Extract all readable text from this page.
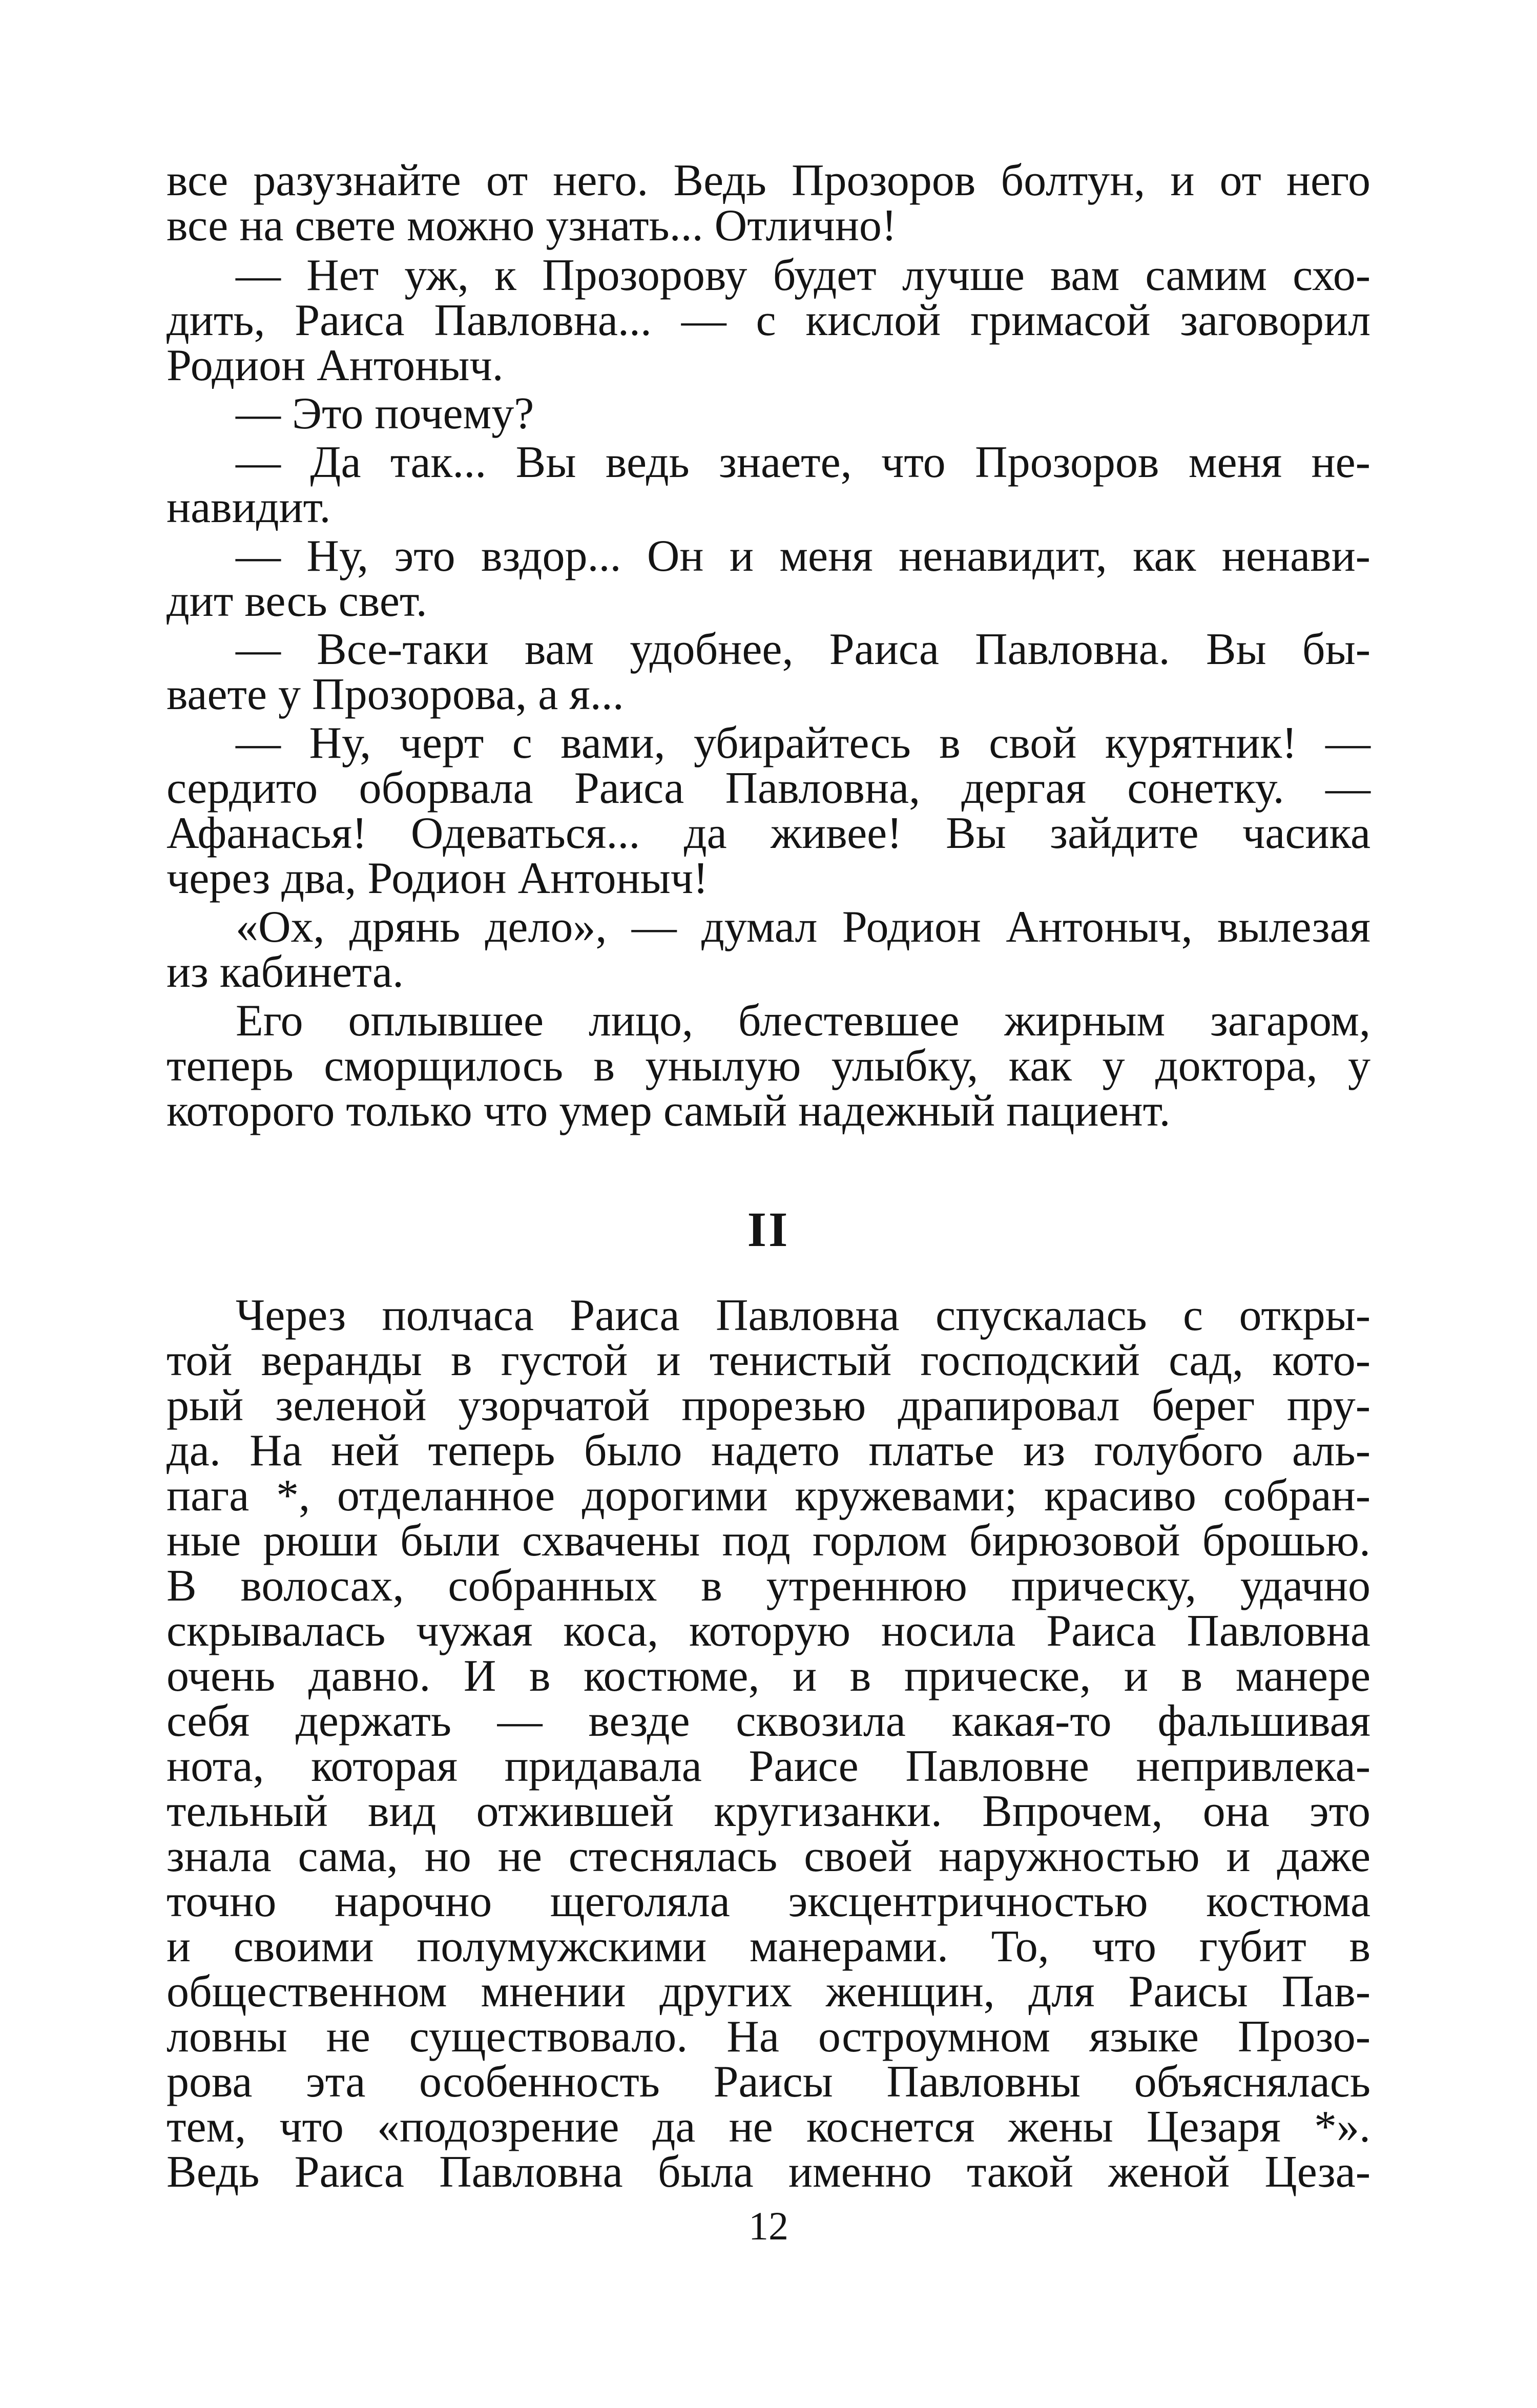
все разузнайте от него. Ведь Прозоров болтун, и от него
все на свете можно узнать... Отлично!
— Нет уж, к Прозорову будет лучше вам самим схо-
дить, Раиса Павловна... — с кислой гримасой заговорил
Родион Антоныч.
— Это почему?
— Да так... Вы ведь знаете, что Прозоров меня не-
навидит.
— Ну, это вздор... Он и меня ненавидит, как ненави-
дит весь свет.
— Все-таки вам удобнее, Раиса Павловна. Вы бы-
ваете у Прозорова, а я...
— Ну, черт с вами, убирайтесь в свой курятник! —
сердито оборвала Раиса Павловна, дергая сонетку. —
Афанасья! Одеваться... да живее! Вы зайдите часика
через два, Родион Антоныч!
«Ох, дрянь дело», — думал Родион Антоныч, вылезая
из кабинета.
Его оплывшее лицо, блестевшее жирным загаром,
теперь сморщилось в унылую улыбку, как у доктора, у
которого только что умер самый надежный пациент.
II
Через полчаса Раиса Павловна спускалась с откры-
той веранды в густой и тенистый господский сад, кото-
рый зеленой узорчатой прорезью драпировал берег пру-
да. На ней теперь было надето платье из голубого аль-
пага *, отделанное дорогими кружевами; красиво собран-
ные рюши были схвачены под горлом бирюзовой брошью.
В волосах, собранных в утреннюю прическу, удачно
скрывалась чужая коса, которую носила Раиса Павловна
очень давно. И в костюме, и в прическе, и в манере
себя держать — везде сквозила какая-то фальшивая
нота, которая придавала Раисе Павловне непривлека-
тельный вид отжившей кругизанки. Впрочем, она это
знала сама, но не стеснялась своей наружностью и даже
точно нарочно щеголяла эксцентричностью костюма
и своими полумужскими манерами. То, что губит в
общественном мнении других женщин, для Раисы Пав-
ловны не существовало. На остроумном языке Прозо-
рова эта особенность Раисы Павловны объяснялась
тем, что «подозрение да не коснется жены Цезаря *».
Ведь Раиса Павловна была именно такой женой Цеза-
12
